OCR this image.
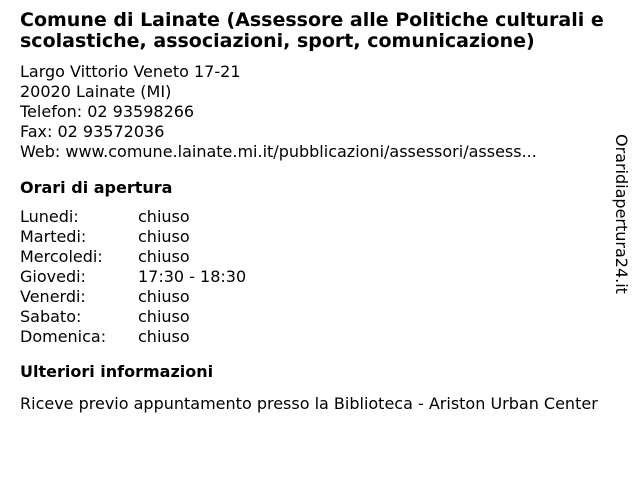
Comune di Lainate (Assessore alle Politiche culturali e scolastiche, associazioni, sport, comunicazione)
Largo Vittorio Veneto 17-21
20020 Lainate (MI)
Telefon: 02 93598266
Fax: 02 93572036
Web: www.comune.lainate.mi.it/pubblicazioni/assessori/assess...
Orari di apertura
Lunedi:	chiuso
Martedi:	chiuso
Mercoledi:	chiuso
Giovedi:	17:30 - 18:30
Venerdi:	chiuso
Sabato:	chiuso
Domenica:	chiuso
Ulteriori informazioni
Riceve previo appuntamento presso la Biblioteca - Ariston Urban Center
Oraridiapertura24.it
